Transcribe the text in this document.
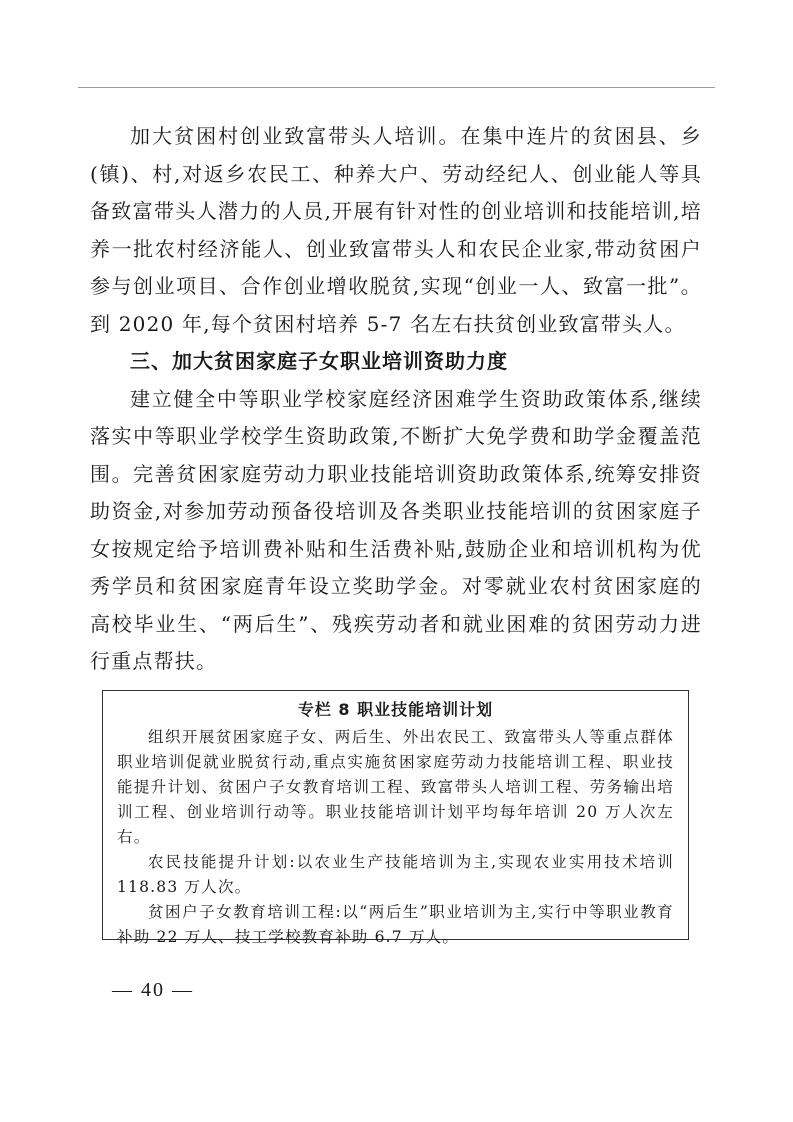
加大贫困村创业致富带头人培训。在集中连片的贫困县、乡(镇)、村,对返乡农民工、种养大户、劳动经纪人、创业能人等具备致富带头人潜力的人员,开展有针对性的创业培训和技能培训,培养一批农村经济能人、创业致富带头人和农民企业家,带动贫困户参与创业项目、合作创业增收脱贫,实现“创业一人、致富一批”。到 2020 年,每个贫困村培养 5-7 名左右扶贫创业致富带头人。

三、加大贫困家庭子女职业培训资助力度

建立健全中等职业学校家庭经济困难学生资助政策体系,继续落实中等职业学校学生资助政策,不断扩大免学费和助学金覆盖范围。完善贫困家庭劳动力职业技能培训资助政策体系,统筹安排资助资金,对参加劳动预备役培训及各类职业技能培训的贫困家庭子女按规定给予培训费补贴和生活费补贴,鼓励企业和培训机构为优秀学员和贫困家庭青年设立奖助学金。对零就业农村贫困家庭的高校毕业生、“两后生”、残疾劳动者和就业困难的贫困劳动力进行重点帮扶。

专栏 8 职业技能培训计划

组织开展贫困家庭子女、两后生、外出农民工、致富带头人等重点群体职业培训促就业脱贫行动,重点实施贫困家庭劳动力技能培训工程、职业技能提升计划、贫困户子女教育培训工程、致富带头人培训工程、劳务输出培训工程、创业培训行动等。职业技能培训计划平均每年培训 20 万人次左右。

农民技能提升计划:以农业生产技能培训为主,实现农业实用技术培训 118.83 万人次。

贫困户子女教育培训工程:以“两后生”职业培训为主,实行中等职业教育补助 22 万人、技工学校教育补助 6.7 万人。

— 40 —
